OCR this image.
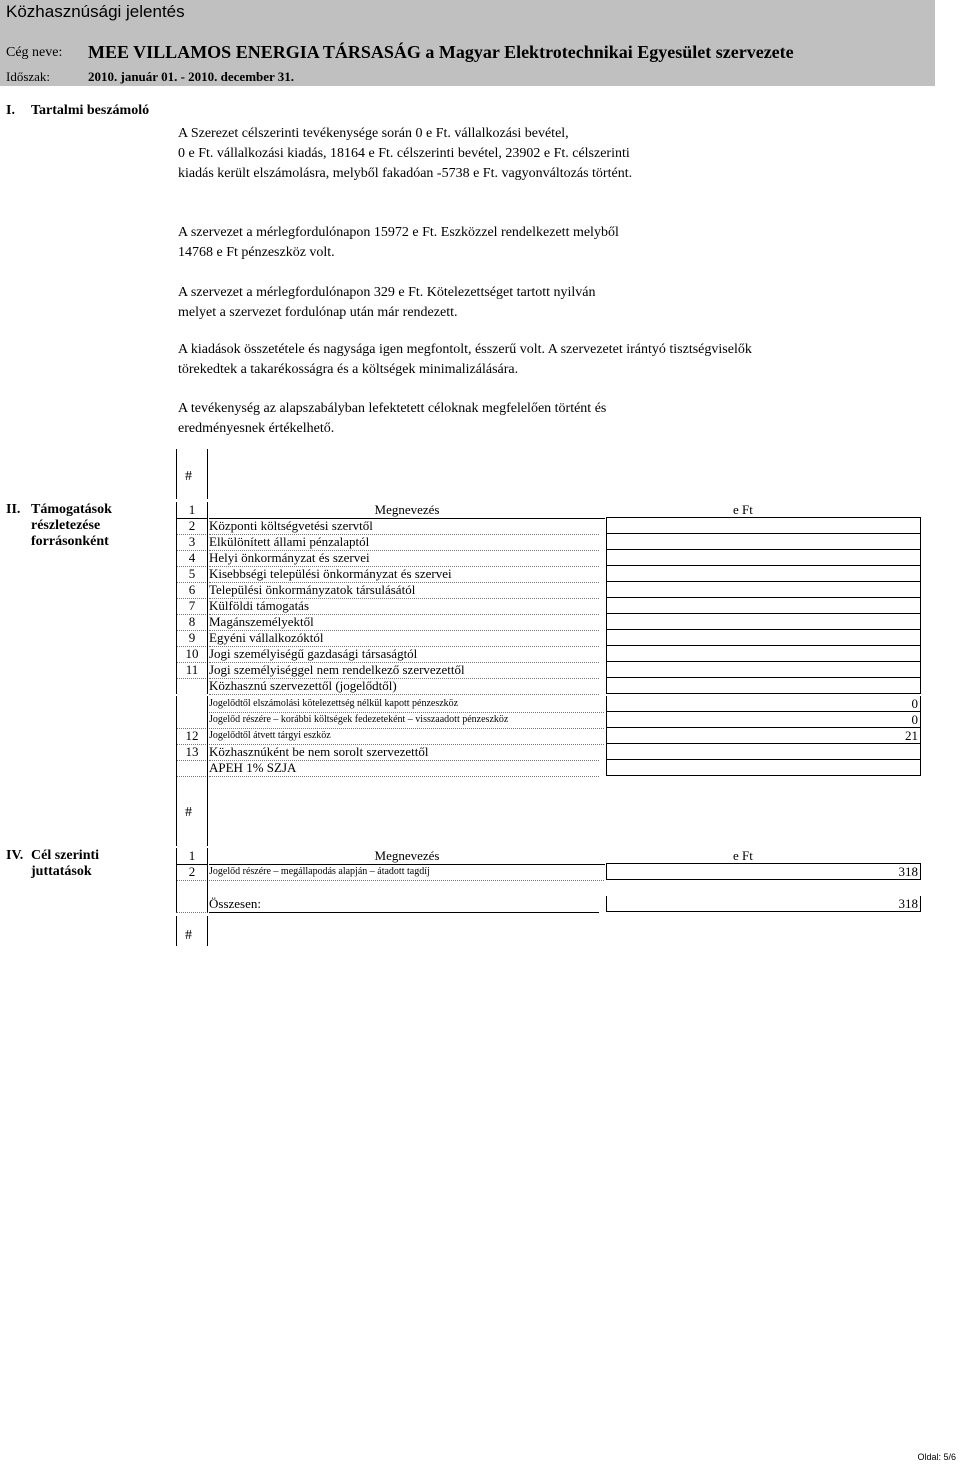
Közhasznúsági jelentés
Cég neve: MEE VILLAMOS ENERGIA TÁRSASÁG a Magyar Elektrotechnikai Egyesület szervezete
Időszak:	2010. január 01. - 2010. december 31.
I. Tartalmi beszámoló
A Szerezet célszerinti tevékenysége során 0 e Ft. vállalkozási bevétel,
0 e Ft. vállalkozási kiadás, 18164 e Ft. célszerinti bevétel, 23902 e Ft. célszerinti
kiadás került elszámolásra, melyből fakadóan -5738 e Ft. vagyonváltozás történt.
A szervezet a mérlegfordulónapon 15972 e Ft. Eszközzel rendelkezett melyből
14768 e Ft pénzeszköz volt.
A szervezet a mérlegfordulónapon 329 e Ft. Kötelezettséget tartott nyilván
melyet a szervezet fordulónap után már rendezett.
A kiadások összetétele és nagysága igen megfontolt, ésszerű volt. A szervezetet irántyó tisztségviselők
törekedtek a takarékosságra és a költségek minimalizálására.
A tevékenység az alapszabályban lefektetett céloknak megfelelően történt és
eredményesnek értékelhető.
#
II. Támogatások
részletezése
forrásonként
1	Megnevezés	e Ft
2	Központi költségvetési szervtől
3	Elkülönített állami pénzalaptól
4	Helyi önkormányzat és szervei
5	Kisebbségi települési önkormányzat és szervei
6	Települési önkormányzatok társulásától
7	Külföldi támogatás
8	Magánszemélyektől
9	Egyéni vállalkozóktól
10 Jogi személyiségű gazdasági társaságtól
11 Jogi személyiséggel nem rendelkező szervezettől
Közhasznú szervezettől (jogelődtől)
Jogelődtől elszámolási kötelezettség nélkül kapott pénzeszköz	0
Jogelőd részére – korábbi költségek fedezeteként – visszaadott pénzeszköz	0
12	Jogelődtől átvett tárgyi eszköz	21
13 Közhasznúként be nem sorolt szervezettől
APEH 1% SZJA
#
IV. Cél szerinti
juttatások
1	Megnevezés	e Ft
2	Jogelőd részére – megállapodás alapján – átadott tagdíj	318
Összesen:	318
#
Oldal: 5/6
